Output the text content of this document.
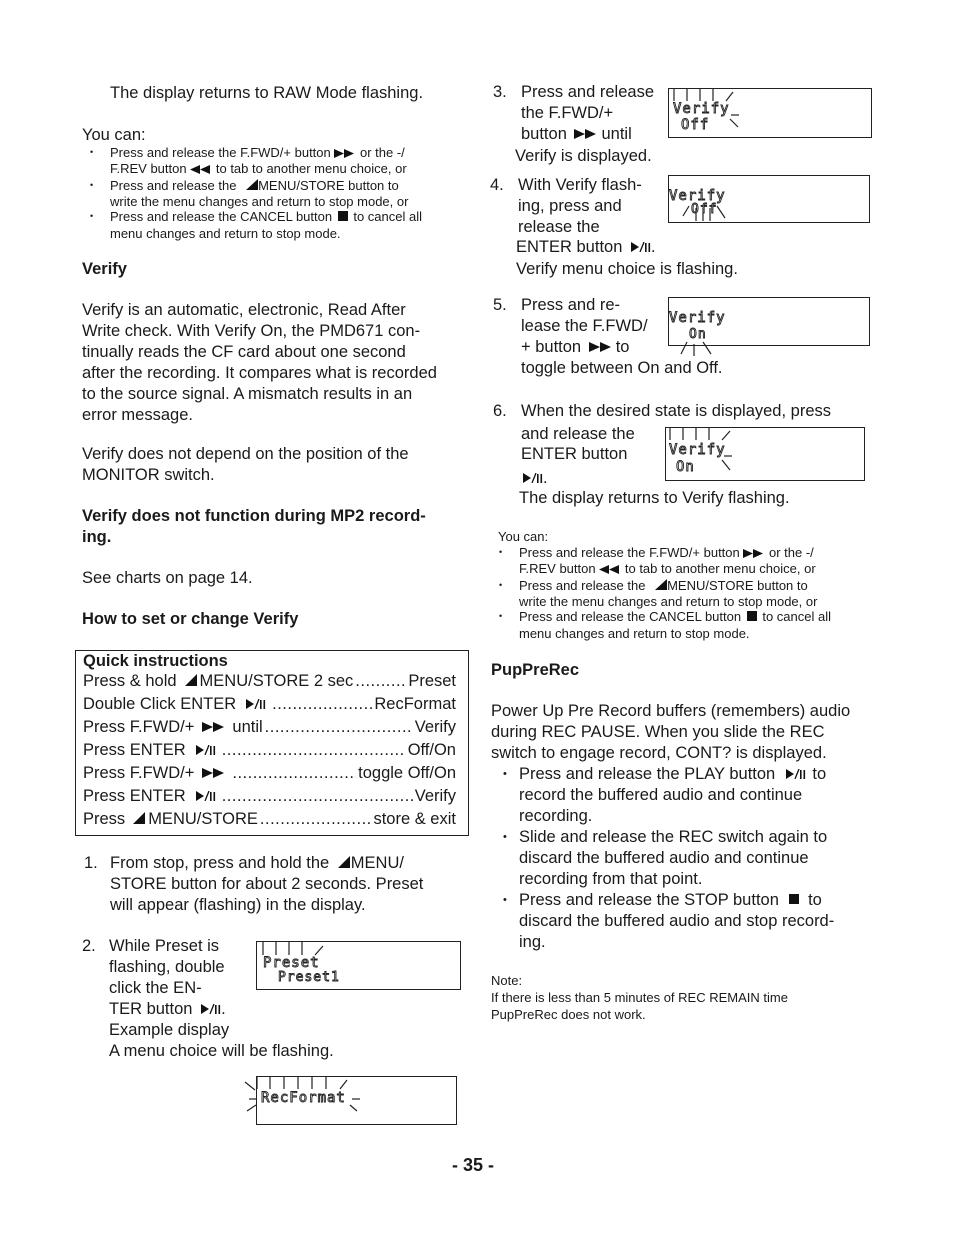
The display returns to RAW Mode flashing.
You can:
• Press and release the F.FWD/+ button or the -/
F.REV button to tab to another menu choice, or
• Press and release the MENU/STORE button to
write the menu changes and return to stop mode, or
• Press and release the CANCEL button to cancel all
menu changes and return to stop mode.
Verify
Verify is an automatic, electronic, Read After
Write check. With Verify On, the PMD671 con-
tinually reads the CF card about one second
after the recording. It compares what is recorded
to the source signal. A mismatch results in an
error message.
Verify does not depend on the position of the
MONITOR switch.
Verify does not function during MP2 record-
ing.
See charts on page 14.
How to set or change Verify
Quick instructions
Press & hold MENU/STORE 2 sec .....	Preset
Double Click ENTER .....	RecFormat
Press F.FWD/+ until .....	Verify
Press ENTER .....	Off/On
Press F.FWD/+ .....	toggle Off/On
Press ENTER .....	Verify
Press MENU/STORE .....	store & exit
1. From stop, press and hold the MENU/
STORE button for about 2 seconds. Preset
will appear (flashing) in the display.
2. While Preset is
flashing, double
click the EN-
TER button .
Example display
A menu choice will be flashing.
Preset
Preset1
RecFormat
3. Press and release
the F.FWD/+
button until
Verify is displayed.
Verify
Off
4. With Verify flash-
ing, press and
release the
ENTER button .
Verify menu choice is flashing.
Verify
Off
5. Press and re-
lease the F.FWD/
+ button to
toggle between On and Off.
Verify
On
6. When the desired state is displayed, press
and release the
ENTER button
.
The display returns to Verify flashing.
Verify
On
You can:
• Press and release the F.FWD/+ button or the -/
F.REV button to tab to another menu choice, or
• Press and release the MENU/STORE button to
write the menu changes and return to stop mode, or
• Press and release the CANCEL button to cancel all
menu changes and return to stop mode.
PupPreRec
Power Up Pre Record buffers (remembers) audio
during REC PAUSE. When you slide the REC
switch to engage record, CONT? is displayed.
• Press and release the PLAY button to
record the buffered audio and continue
recording.
• Slide and release the REC switch again to
discard the buffered audio and continue
recording from that point.
• Press and release the STOP button to
discard the buffered audio and stop record-
ing.
Note:
If there is less than 5 minutes of REC REMAIN time
PupPreRec does not work.
- 35 -
